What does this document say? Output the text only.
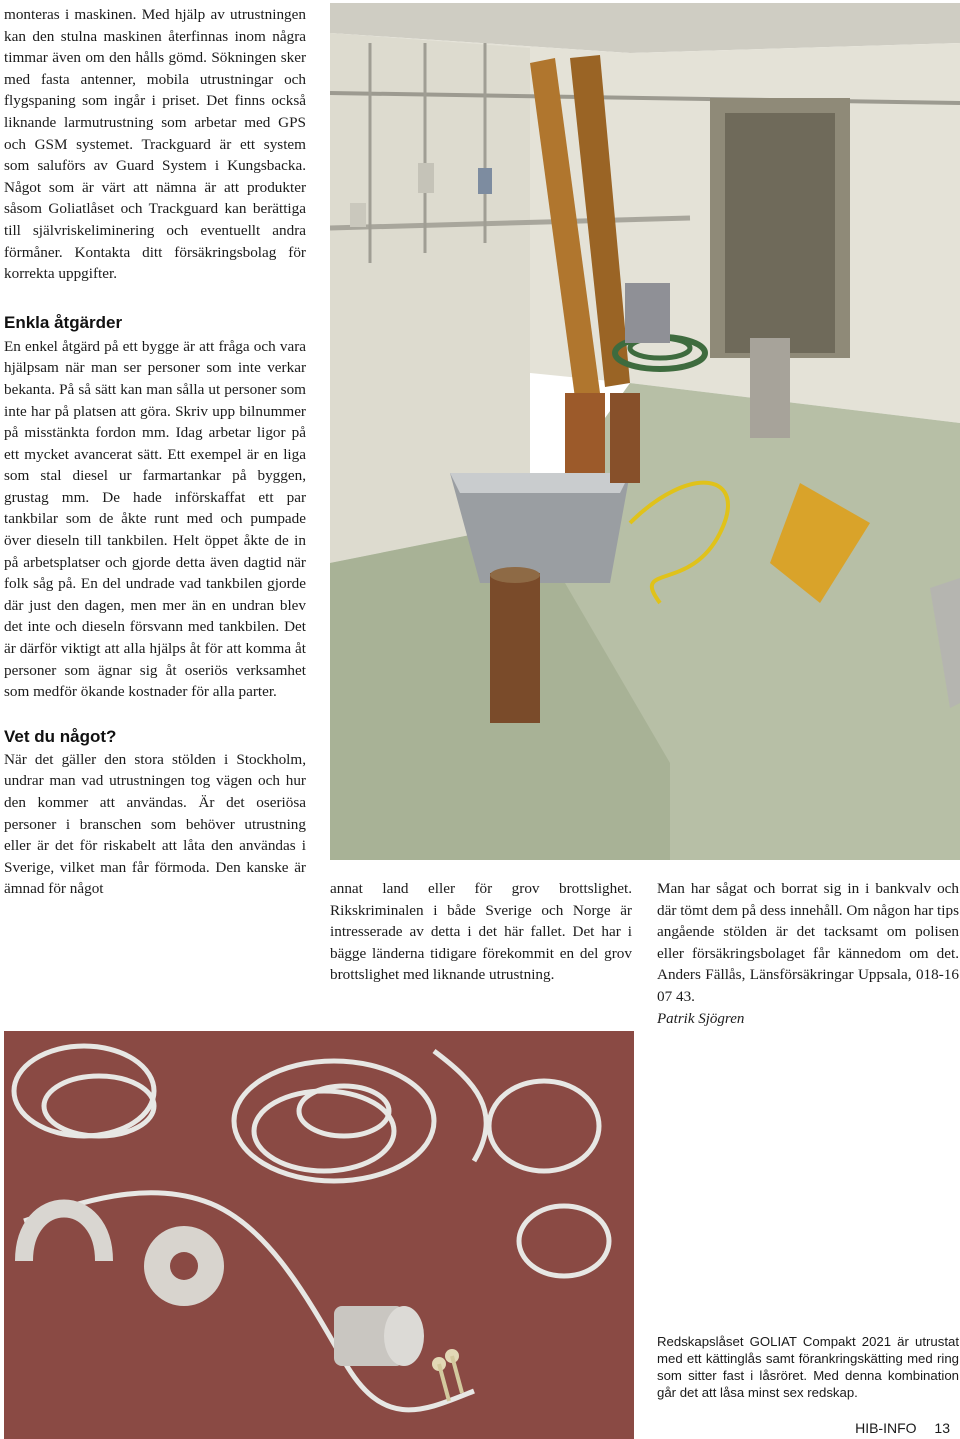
monteras i maskinen. Med hjälp av utrustningen kan den stulna maskinen återfinnas inom några timmar även om den hålls gömd. Sökningen sker med fasta antenner, mobila utrustningar och flygspaning som ingår i priset. Det finns också liknande larmutrustning som arbetar med GPS och GSM systemet. Trackguard är ett system som saluförs av Guard System i Kungsbacka. Något som är värt att nämna är att produkter såsom Goliatlåset och Trackguard kan berättiga till självriskeliminering och eventuellt andra förmåner. Kontakta ditt försäkringsbolag för korrekta uppgifter.

Enkla åtgärder

En enkel åtgärd på ett bygge är att fråga och vara hjälpsam när man ser personer som inte verkar bekanta. På så sätt kan man sålla ut personer som inte har på platsen att göra. Skriv upp bilnummer på misstänkta fordon mm. Idag arbetar ligor på ett mycket avancerat sätt. Ett exempel är en liga som stal diesel ur farmartankar på byggen, grustag mm. De hade införskaffat ett par tankbilar som de åkte runt med och pumpade över dieseln till tankbilen. Helt öppet åkte de in på arbetsplatser och gjorde detta även dagtid när folk såg på. En del undrade vad tankbilen gjorde där just den dagen, men mer än en undran blev det inte och dieseln försvann med tankbilen. Det är därför viktigt att alla hjälps åt för att komma åt personer som ägnar sig åt oseriös verksamhet som medför ökande kostnader för alla parter.

Vet du något?

När det gäller den stora stölden i Stockholm, undrar man vad utrustningen tog vägen och hur den kommer att användas. Är det oseriösa personer i branschen som behöver utrustning eller är det för riskabelt att låta den användas i Sverige, vilket man får förmoda. Den kanske är ämnad för något	annat land eller för grov brottslighet. Rikskriminalen i både Sverige och Norge är intresserade av detta i det här fallet. Det har i bägge länderna tidigare förekommit en del grov brottslighet med liknande utrustning.

Man har sågat och borrat sig in i bankvalv och där tömt dem på dess innehåll. Om någon har tips angående stölden är det tacksamt om polisen eller försäkringsbolaget får kännedom om det. Anders Fällås, Länsförsäkringar Uppsala, 018-16 07 43.

Patrik Sjögren

Redskapslåset GOLIAT Compakt 2021 är utrustat med ett kättinglås samt förankringskätting med ring som sitter fast i låsröret. Med denna kombination går det att låsa minst sex redskap.

HIB-INFO 13
